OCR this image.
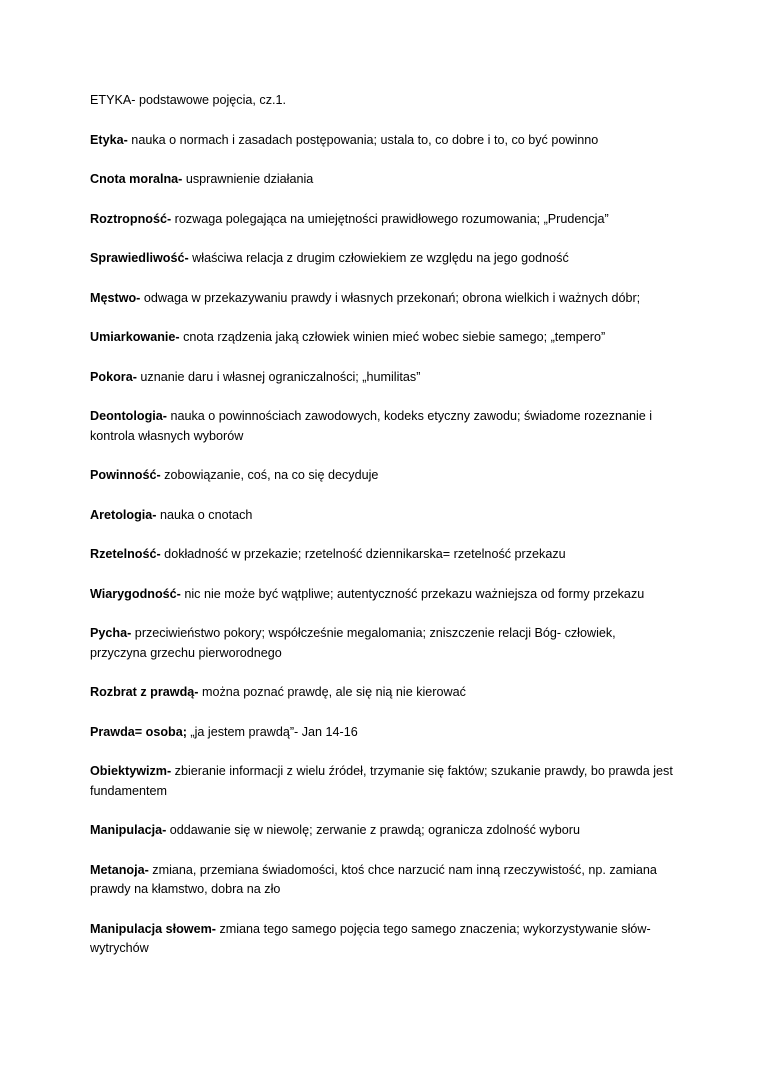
ETYKA- podstawowe pojęcia, cz.1.

Etyka- nauka o normach i zasadach postępowania; ustala to, co dobre i to, co być powinno

Cnota moralna- usprawnienie działania

Roztropność- rozwaga polegająca na umiejętności prawidłowego rozumowania; „Prudencja”

Sprawiedliwość- właściwa relacja z drugim człowiekiem ze względu na jego godność

Męstwo- odwaga w przekazywaniu prawdy i własnych przekonań; obrona wielkich i ważnych dóbr;

Umiarkowanie- cnota rządzenia jaką człowiek winien mieć wobec siebie samego; „tempero”

Pokora- uznanie daru i własnej ograniczalności; „humilitas”

Deontologia- nauka o powinnościach zawodowych, kodeks etyczny zawodu; świadome rozeznanie i kontrola własnych wyborów

Powinność- zobowiązanie, coś, na co się decyduje

Aretologia- nauka o cnotach

Rzetelność- dokładność w przekazie; rzetelność dziennikarska= rzetelność przekazu

Wiarygodność- nic nie może być wątpliwe; autentyczność przekazu ważniejsza od formy przekazu

Pycha- przeciwieństwo pokory; współcześnie megalomania; zniszczenie relacji Bóg- człowiek, przyczyna grzechu pierworodnego

Rozbrat z prawdą- można poznać prawdę, ale się nią nie kierować

Prawda= osoba; „ja jestem prawdą”- Jan 14-16

Obiektywizm- zbieranie informacji z wielu źródeł, trzymanie się faktów; szukanie prawdy, bo prawda jest fundamentem

Manipulacja- oddawanie się w niewolę; zerwanie z prawdą; ogranicza zdolność wyboru

Metanoja- zmiana, przemiana świadomości, ktoś chce narzucić nam inną rzeczywistość, np. zamiana prawdy na kłamstwo, dobra na zło

Manipulacja słowem- zmiana tego samego pojęcia tego samego znaczenia; wykorzystywanie słów-wytrychów
